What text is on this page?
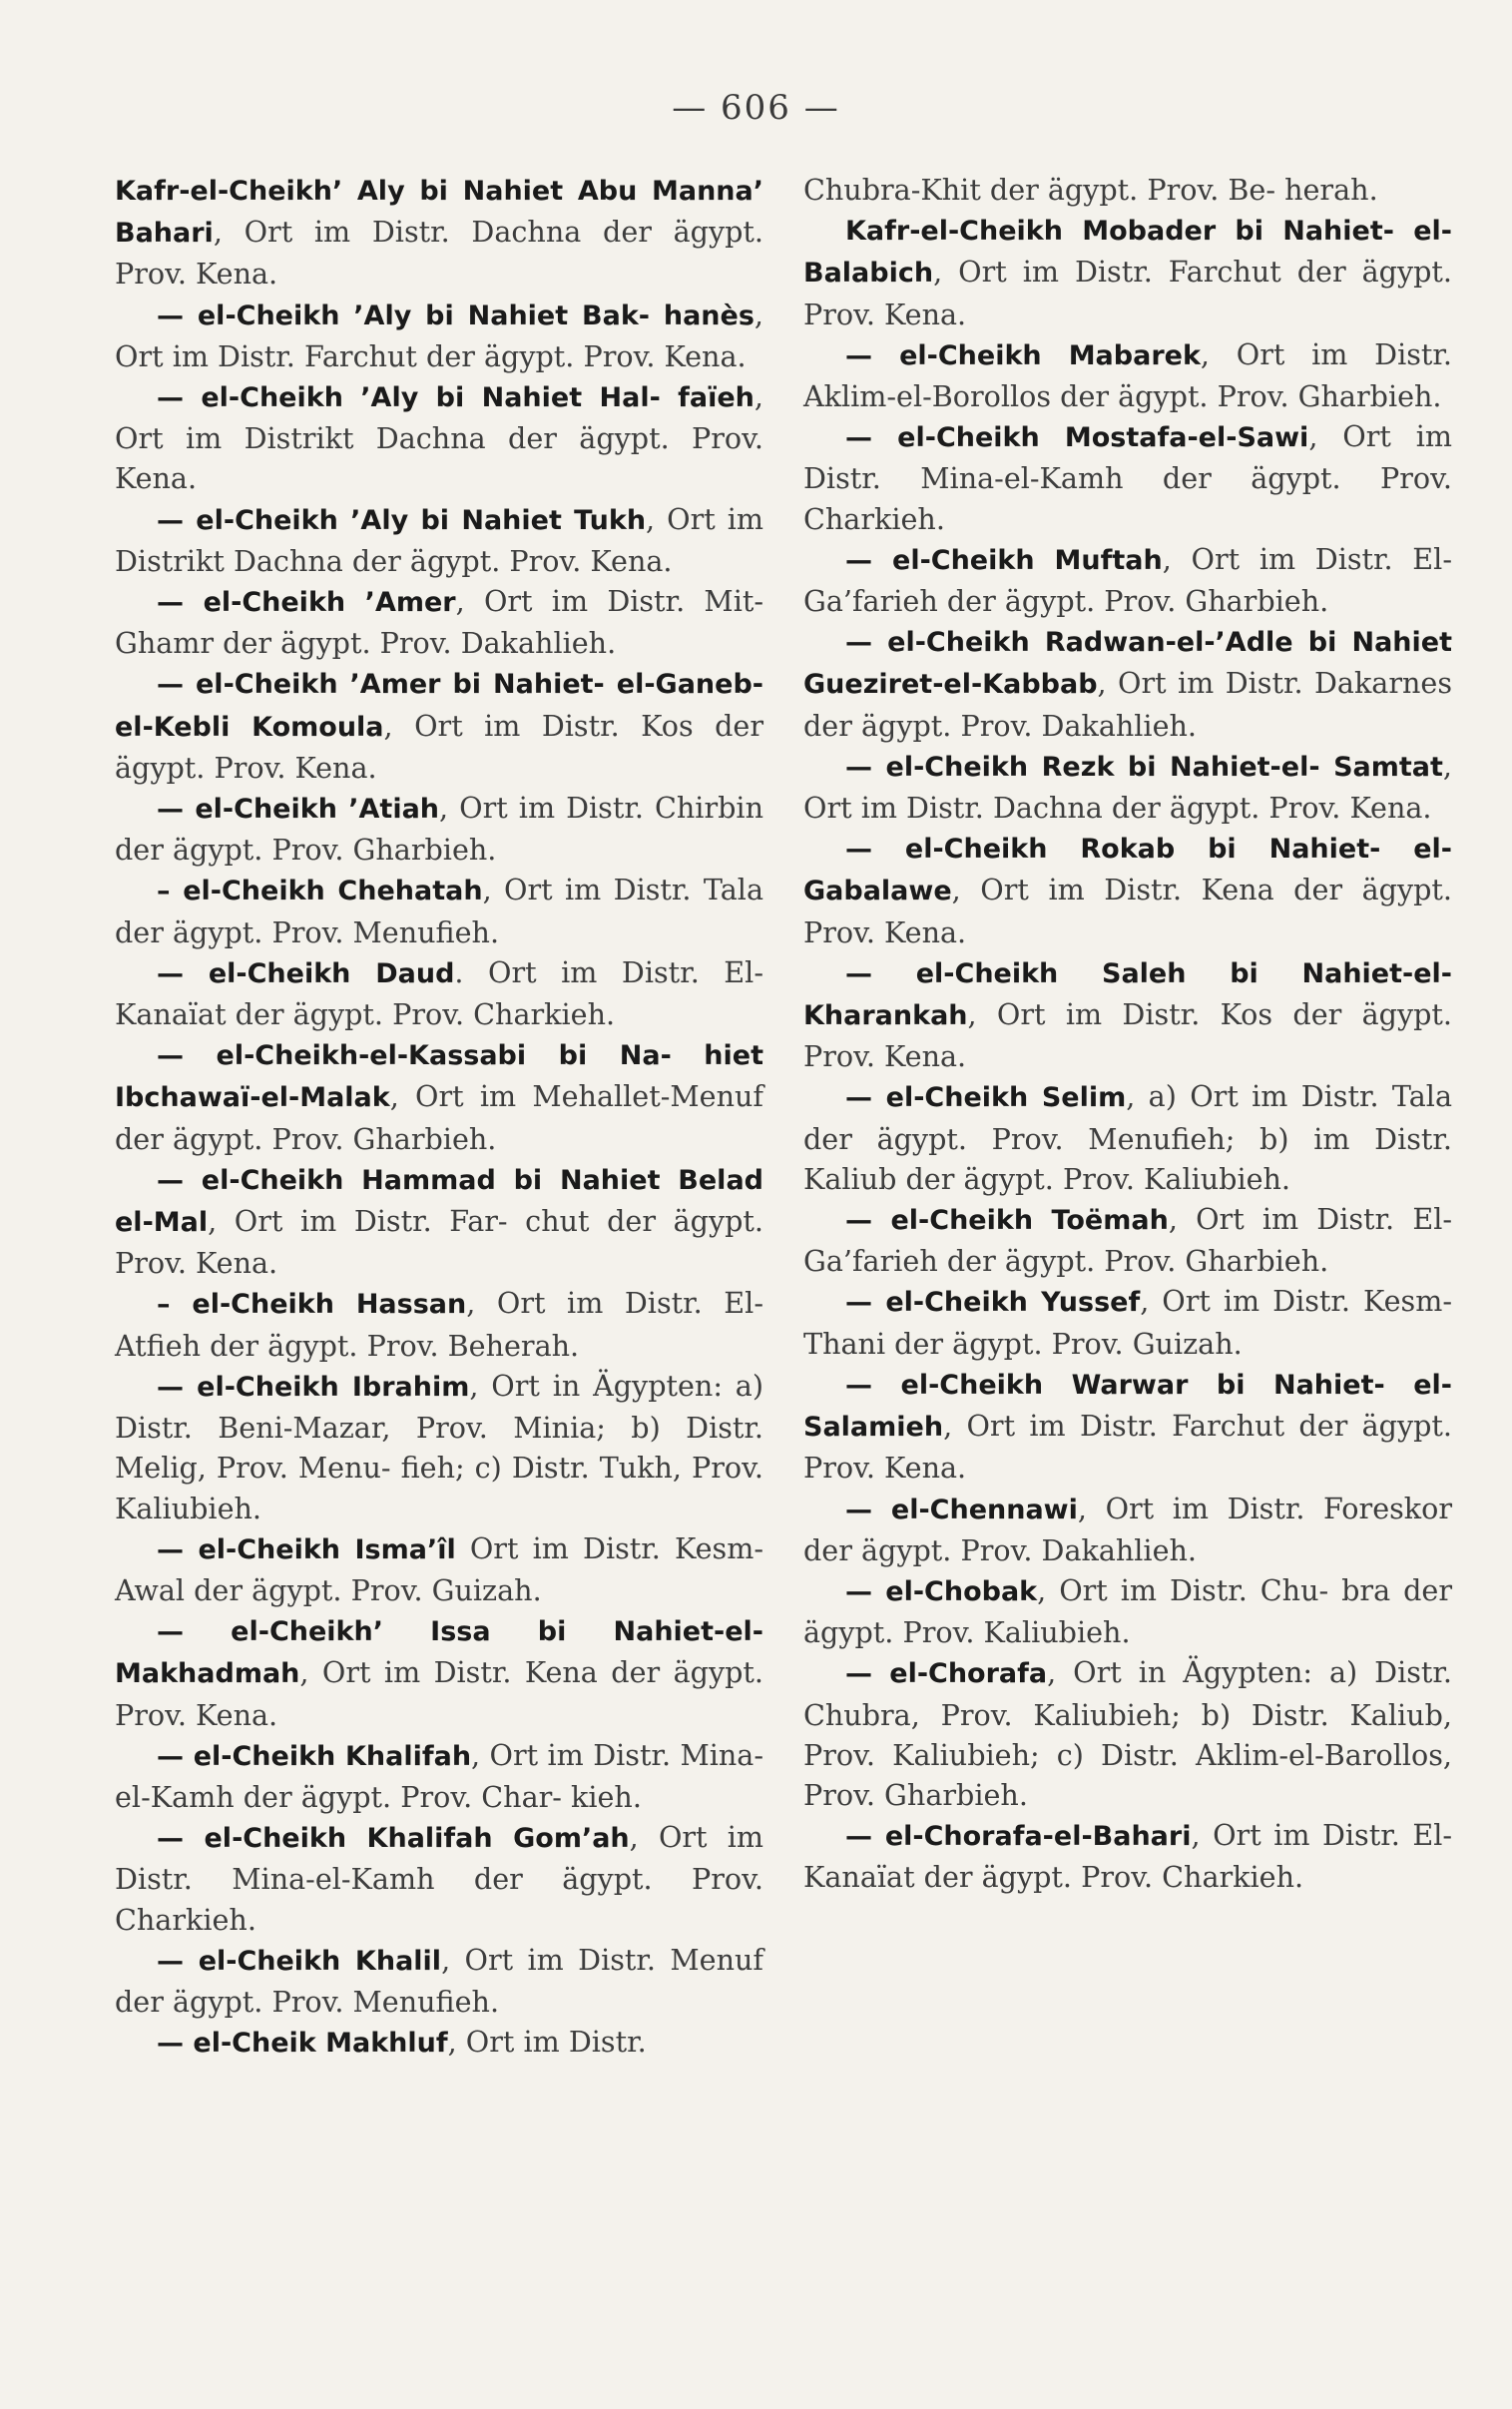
— 606 —

Kafr-el-Cheikh’ Aly bi Nahiet Abu Manna’ Bahari, Ort im Distr. Dachna der ägypt. Prov. Kena.

— el-Cheikh ’Aly bi Nahiet Bak- hanès, Ort im Distr. Farchut der ägypt. Prov. Kena.

— el-Cheikh ’Aly bi Nahiet Hal- faïeh, Ort im Distrikt Dachna der ägypt. Prov. Kena.

— el-Cheikh ’Aly bi Nahiet Tukh, Ort im Distrikt Dachna der ägypt. Prov. Kena.

— el-Cheikh ’Amer, Ort im Distr. Mit-Ghamr der ägypt. Prov. Dakahlieh.

— el-Cheikh ’Amer bi Nahiet- el-Ganeb-el-Kebli Komoula, Ort im Distr. Kos der ägypt. Prov. Kena.

— el-Cheikh ’Atiah, Ort im Distr. Chirbin der ägypt. Prov. Gharbieh.

– el-Cheikh Chehatah, Ort im Distr. Tala der ägypt. Prov. Menufieh.

— el-Cheikh Daud. Ort im Distr. El-Kanaïat der ägypt. Prov. Charkieh.

— el-Cheikh-el-Kassabi bi Na- hiet Ibchawaï-el-Malak, Ort im Mehallet-Menuf der ägypt. Prov. Gharbieh.

— el-Cheikh Hammad bi Nahiet Belad el-Mal, Ort im Distr. Far- chut der ägypt. Prov. Kena.

– el-Cheikh Hassan, Ort im Distr. El-Atfieh der ägypt. Prov. Beherah.

— el-Cheikh Ibrahim, Ort in Ägypten: a) Distr. Beni-Mazar, Prov. Minia; b) Distr. Melig, Prov. Menu- fieh; c) Distr. Tukh, Prov. Kaliubieh.

— el-Cheikh Isma’îl Ort im Distr. Kesm-Awal der ägypt. Prov. Guizah.

— el-Cheikh’ Issa bi Nahiet-el- Makhadmah, Ort im Distr. Kena der ägypt. Prov. Kena.

— el-Cheikh Khalifah, Ort im Distr. Mina-el-Kamh der ägypt. Prov. Char- kieh.

— el-Cheikh Khalifah Gom’ah, Ort im Distr. Mina-el-Kamh der ägypt. Prov. Charkieh.

— el-Cheikh Khalil, Ort im Distr. Menuf der ägypt. Prov. Menufieh.

— el-Cheik Makhluf, Ort im Distr.

Chubra-Khit der ägypt. Prov. Be- herah.

Kafr-el-Cheikh Mobader bi Nahiet- el-Balabich, Ort im Distr. Farchut der ägypt. Prov. Kena.

— el-Cheikh Mabarek, Ort im Distr. Aklim-el-Borollos der ägypt. Prov. Gharbieh.

— el-Cheikh Mostafa-el-Sawi, Ort im Distr. Mina-el-Kamh der ägypt. Prov. Charkieh.

— el-Cheikh Muftah, Ort im Distr. El-Ga’farieh der ägypt. Prov. Gharbieh.

— el-Cheikh Radwan-el-’Adle bi Nahiet Gueziret-el-Kabbab, Ort im Distr. Dakarnes der ägypt. Prov. Dakahlieh.

— el-Cheikh Rezk bi Nahiet-el- Samtat, Ort im Distr. Dachna der ägypt. Prov. Kena.

— el-Cheikh Rokab bi Nahiet- el-Gabalawe, Ort im Distr. Kena der ägypt. Prov. Kena.

— el-Cheikh Saleh bi Nahiet-el- Kharankah, Ort im Distr. Kos der ägypt. Prov. Kena.

— el-Cheikh Selim, a) Ort im Distr. Tala der ägypt. Prov. Menufieh; b) im Distr. Kaliub der ägypt. Prov. Kaliubieh.

— el-Cheikh Toëmah, Ort im Distr. El-Ga’farieh der ägypt. Prov. Gharbieh.

— el-Cheikh Yussef, Ort im Distr. Kesm-Thani der ägypt. Prov. Guizah.

— el-Cheikh Warwar bi Nahiet- el-Salamieh, Ort im Distr. Farchut der ägypt. Prov. Kena.

— el-Chennawi, Ort im Distr. Foreskor der ägypt. Prov. Dakahlieh.

— el-Chobak, Ort im Distr. Chu- bra der ägypt. Prov. Kaliubieh.

— el-Chorafa, Ort in Ägypten: a) Distr. Chubra, Prov. Kaliubieh; b) Distr. Kaliub, Prov. Kaliubieh; c) Distr. Aklim-el-Barollos, Prov. Gharbieh.

— el-Chorafa-el-Bahari, Ort im Distr. El-Kanaïat der ägypt. Prov. Charkieh.
